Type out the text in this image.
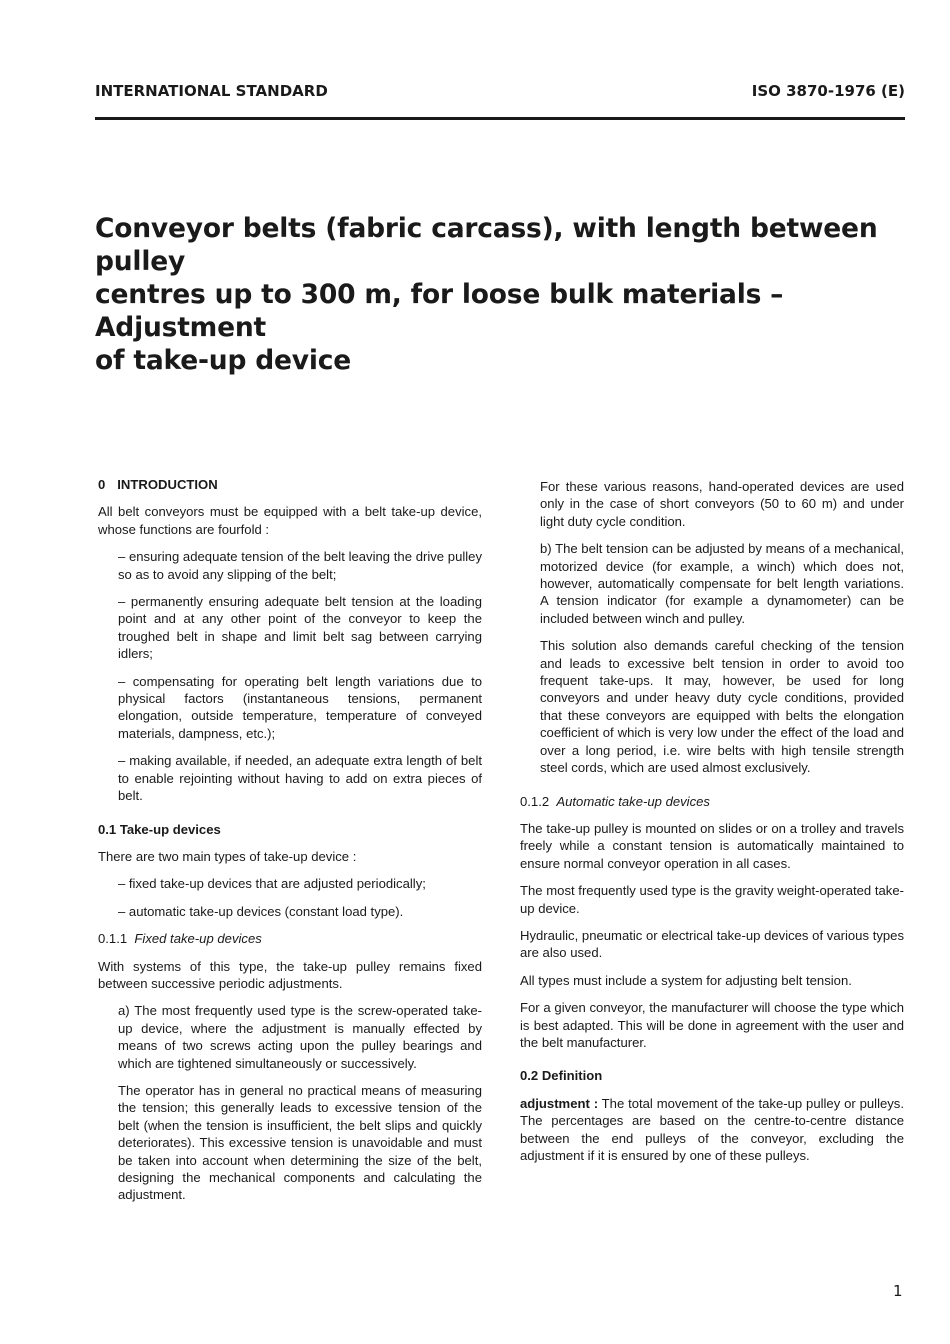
INTERNATIONAL STANDARD	ISO 3870-1976 (E)
Conveyor belts (fabric carcass), with length between pulley
centres up to 300 m, for loose bulk materials – Adjustment
of take-up device
0 INTRODUCTION

All belt conveyors must be equipped with a belt take-up device, whose functions are fourfold :

– ensuring adequate tension of the belt leaving the drive pulley so as to avoid any slipping of the belt;

– permanently ensuring adequate belt tension at the loading point and at any other point of the conveyor to keep the troughed belt in shape and limit belt sag between carrying idlers;

– compensating for operating belt length variations due to physical factors (instantaneous tensions, permanent elongation, outside temperature, temperature of conveyed materials, dampness, etc.);

– making available, if needed, an adequate extra length of belt to enable rejointing without having to add on extra pieces of belt.

0.1 Take-up devices

There are two main types of take-up device :

– fixed take-up devices that are adjusted periodically;

– automatic take-up devices (constant load type).

0.1.1 Fixed take-up devices

With systems of this type, the take-up pulley remains fixed between successive periodic adjustments.

a) The most frequently used type is the screw-operated take-up device, where the adjustment is manually effected by means of two screws acting upon the pulley bearings and which are tightened simultaneously or successively.

The operator has in general no practical means of measuring the tension; this generally leads to excessive tension of the belt (when the tension is insufficient, the belt slips and quickly deteriorates). This excessive tension is unavoidable and must be taken into account when determining the size of the belt, designing the mechanical components and calculating the adjustment.

For these various reasons, hand-operated devices are used only in the case of short conveyors (50 to 60 m) and under light duty cycle condition.

b) The belt tension can be adjusted by means of a mechanical, motorized device (for example, a winch) which does not, however, automatically compensate for belt length variations. A tension indicator (for example a dynamometer) can be included between winch and pulley.

This solution also demands careful checking of the tension and leads to excessive belt tension in order to avoid too frequent take-ups. It may, however, be used for long conveyors and under heavy duty cycle conditions, provided that these conveyors are equipped with belts the elongation coefficient of which is very low under the effect of the load and over a long period, i.e. wire belts with high tensile strength steel cords, which are used almost exclusively.

0.1.2 Automatic take-up devices

The take-up pulley is mounted on slides or on a trolley and travels freely while a constant tension is automatically maintained to ensure normal conveyor operation in all cases.

The most frequently used type is the gravity weight-operated take-up device.

Hydraulic, pneumatic or electrical take-up devices of various types are also used.

All types must include a system for adjusting belt tension.

For a given conveyor, the manufacturer will choose the type which is best adapted. This will be done in agreement with the user and the belt manufacturer.

0.2 Definition

adjustment : The total movement of the take-up pulley or pulleys. The percentages are based on the centre-to-centre distance between the end pulleys of the conveyor, excluding the adjustment if it is ensured by one of these pulleys.

1
